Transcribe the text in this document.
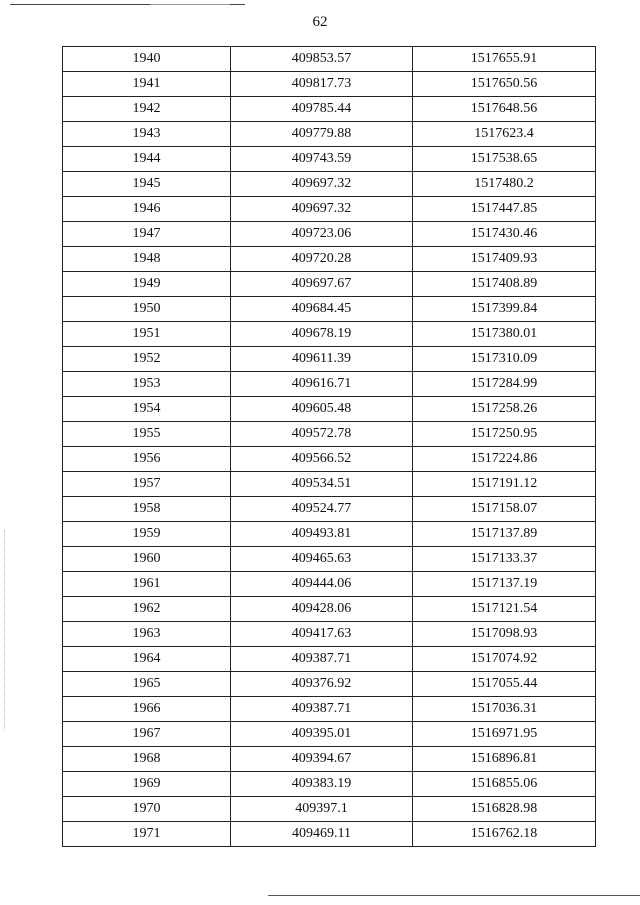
62
1940	409853.57	1517655.91
1941	409817.73	1517650.56
1942	409785.44	1517648.56
1943	409779.88	1517623.4
1944	409743.59	1517538.65
1945	409697.32	1517480.2
1946	409697.32	1517447.85
1947	409723.06	1517430.46
1948	409720.28	1517409.93
1949	409697.67	1517408.89
1950	409684.45	1517399.84
1951	409678.19	1517380.01
1952	409611.39	1517310.09
1953	409616.71	1517284.99
1954	409605.48	1517258.26
1955	409572.78	1517250.95
1956	409566.52	1517224.86
1957	409534.51	1517191.12
1958	409524.77	1517158.07
1959	409493.81	1517137.89
1960	409465.63	1517133.37
1961	409444.06	1517137.19
1962	409428.06	1517121.54
1963	409417.63	1517098.93
1964	409387.71	1517074.92
1965	409376.92	1517055.44
1966	409387.71	1517036.31
1967	409395.01	1516971.95
1968	409394.67	1516896.81
1969	409383.19	1516855.06
1970	409397.1	1516828.98
1971	409469.11	1516762.18
